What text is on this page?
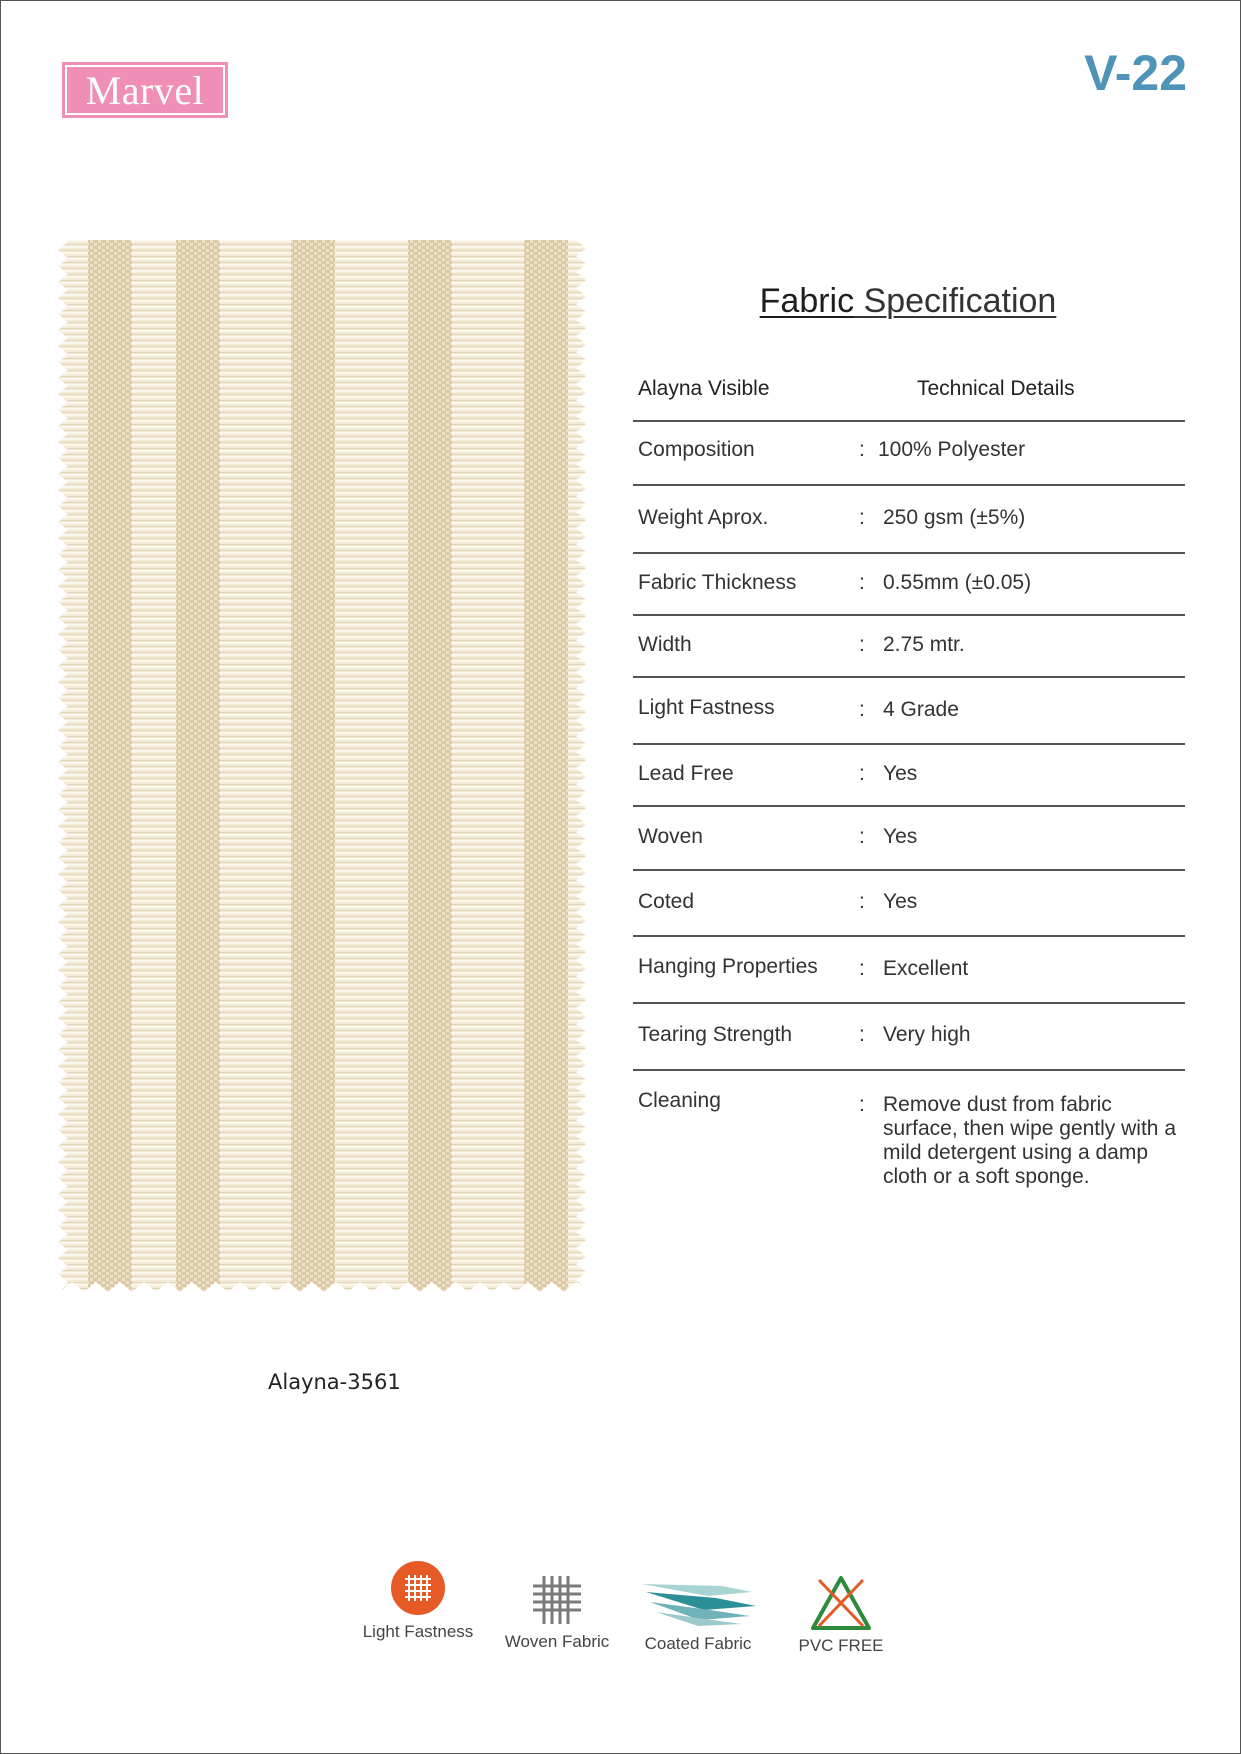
Marvel	V-22
Alayna-3561
Fabric Specification
Alayna Visible	Technical Details
Composition	: 100% Polyester
Weight Aprox.	: 250 gsm (±5%)
Fabric Thickness	: 0.55mm (±0.05)
Width	: 2.75 mtr.
Light Fastness	: 4 Grade
Lead Free	: Yes
Woven	: Yes
Coted	: Yes
Hanging Properties : Excellent
Tearing Strength	: Very high
Cleaning	: Remove dust from fabric surface, then wipe gently with a mild detergent using a damp cloth or a soft sponge.
Light Fastness
Woven Fabric	Coated Fabric	PVC FREE
